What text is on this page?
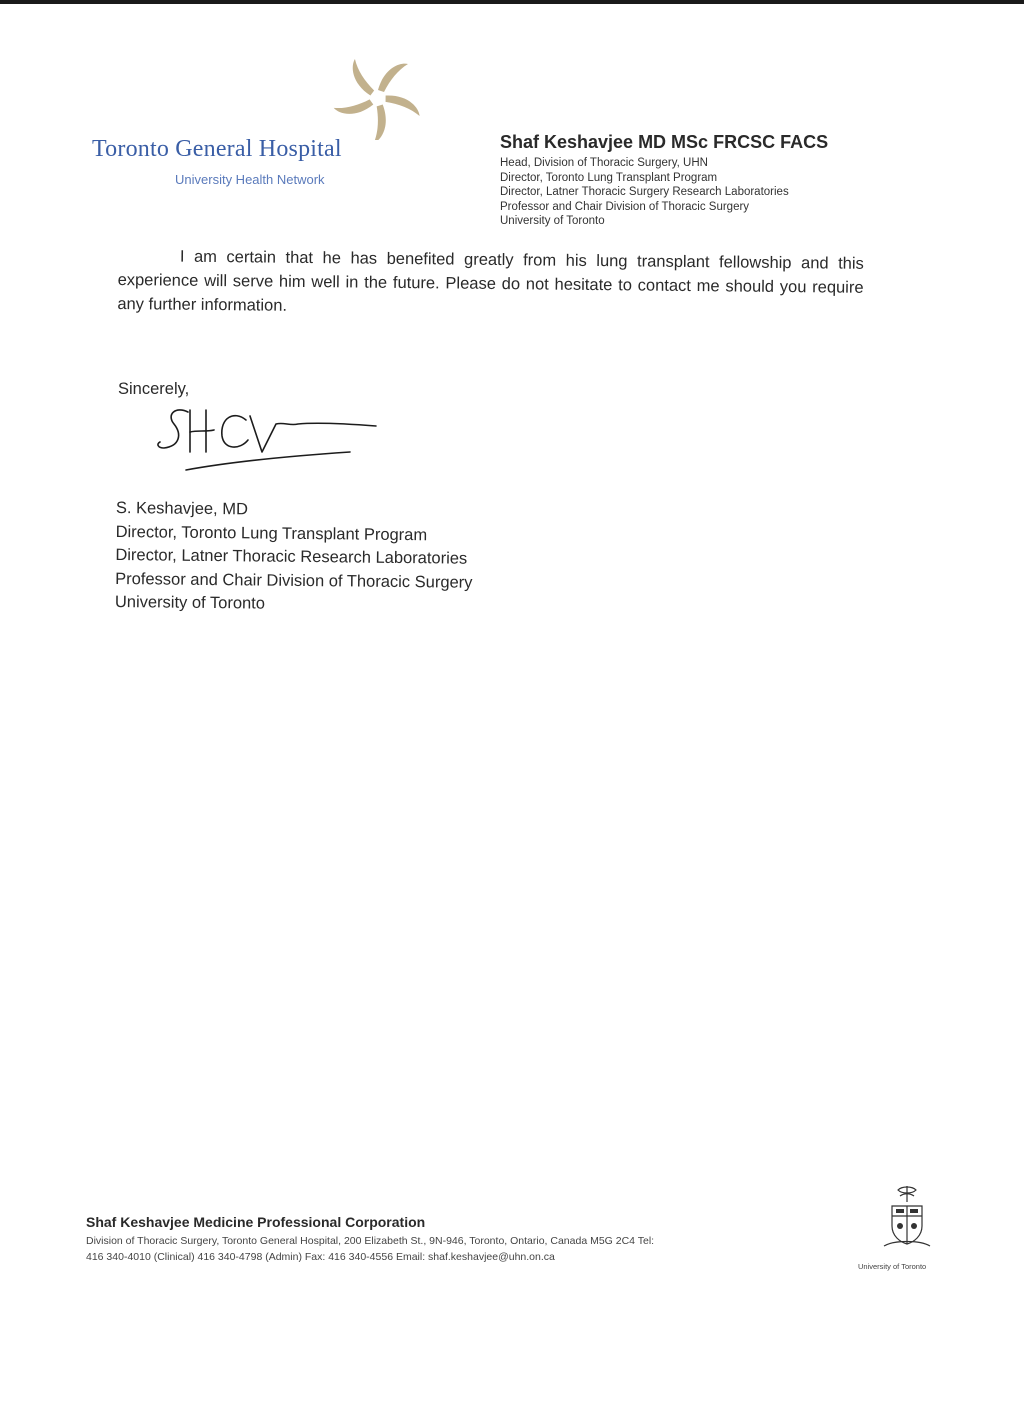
Toronto General Hospital
University Health Network
Shaf Keshavjee MD MSc FRCSC FACS
Head, Division of Thoracic Surgery, UHN
Director, Toronto Lung Transplant Program
Director, Latner Thoracic Surgery Research Laboratories
Professor and Chair Division of Thoracic Surgery
University of Toronto
I am certain that he has benefited greatly from his lung transplant fellowship and this experience will serve him well in the future. Please do not hesitate to contact me should you require any further information.
Sincerely,
S. Keshavjee, MD
Director, Toronto Lung Transplant Program
Director, Latner Thoracic Research Laboratories
Professor and Chair Division of Thoracic Surgery
University of Toronto
Shaf Keshavjee Medicine Professional Corporation
Division of Thoracic Surgery, Toronto General Hospital, 200 Elizabeth St., 9N-946, Toronto, Ontario, Canada M5G 2C4 Tel:
416 340-4010 (Clinical) 416 340-4798 (Admin) Fax: 416 340-4556 Email: shaf.keshavjee@uhn.on.ca
University of Toronto
